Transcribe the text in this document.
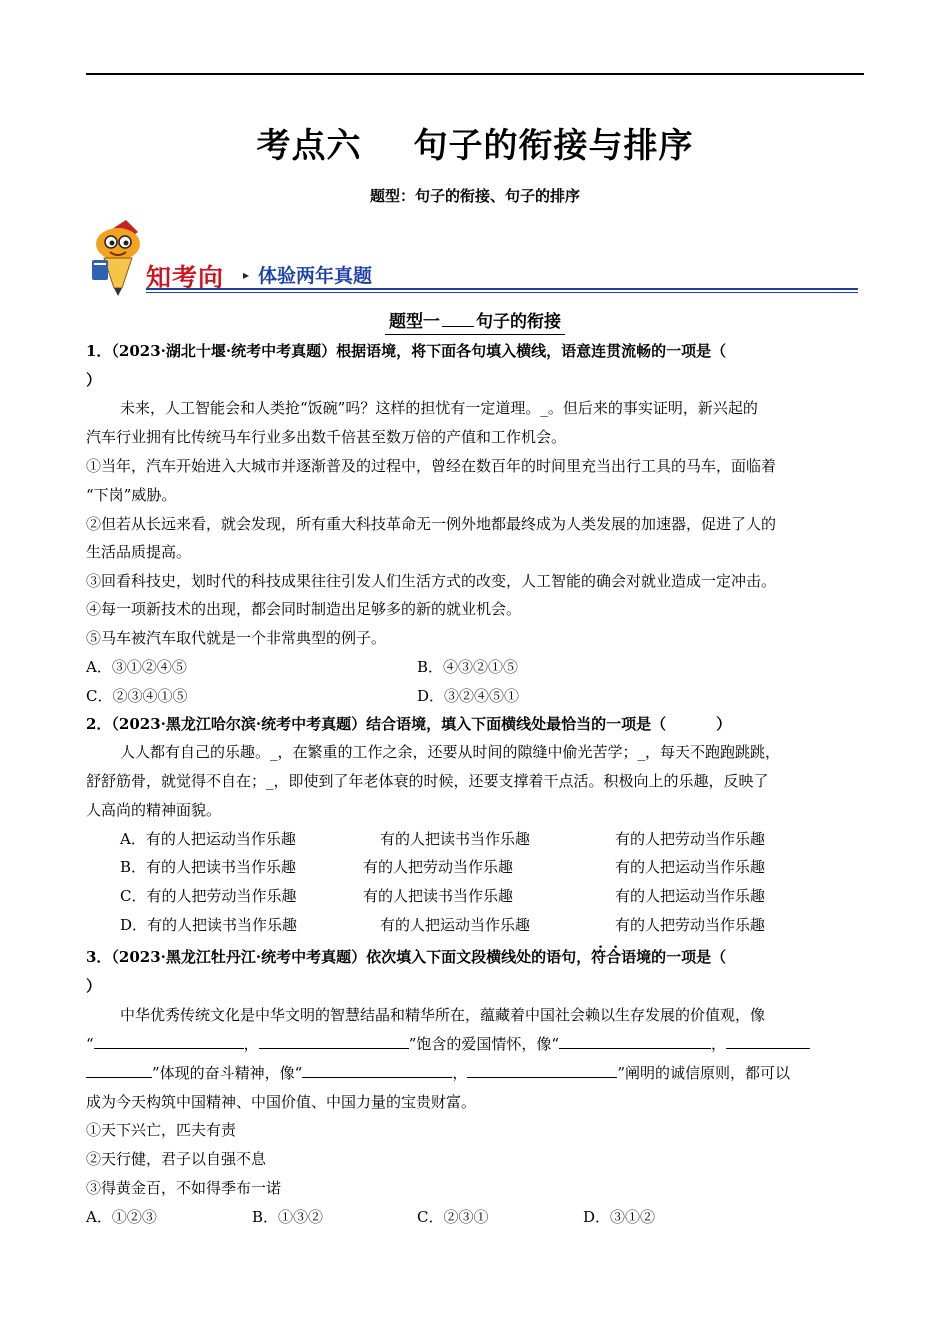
考点六 句子的衔接与排序
题型：句子的衔接、句子的排序
知考向 ▸ 体验两年真题
题型一 句子的衔接
1．（2023·湖北十堰·统考中考真题）根据语境，将下面各句填入横线，语意连贯流畅的一项是（
）
未来，人工智能会和人类抢“饭碗”吗？这样的担忧有一定道理。_。但后来的事实证明，新兴起的
汽车行业拥有比传统马车行业多出数千倍甚至数万倍的产值和工作机会。
①当年，汽车开始进入大城市并逐渐普及的过程中，曾经在数百年的时间里充当出行工具的马车，面临着
“下岗”威胁。
②但若从长远来看，就会发现，所有重大科技革命无一例外地都最终成为人类发展的加速器，促进了人的
生活品质提高。
③回看科技史，划时代的科技成果往往引发人们生活方式的改变，人工智能的确会对就业造成一定冲击。
④每一项新技术的出现，都会同时制造出足够多的新的就业机会。
⑤马车被汽车取代就是一个非常典型的例子。
A．③①②④⑤	B．④③②①⑤
C．②③④①⑤	D．③②④⑤①
2．（2023·黑龙江哈尔滨·统考中考真题）结合语境，填入下面横线处最恰当的一项是（	）
人人都有自己的乐趣。_，在繁重的工作之余，还要从时间的隙缝中偷光苦学；_，每天不跑跑跳跳，
舒舒筋骨，就觉得不自在；_，即使到了年老体衰的时候，还要支撑着干点活。积极向上的乐趣，反映了
人高尚的精神面貌。
A．有的人把运动当作乐趣	有的人把读书当作乐趣	有的人把劳动当作乐趣
B．有的人把读书当作乐趣	有的人把劳动当作乐趣	有的人把运动当作乐趣
C．有的人把劳动当作乐趣	有的人把读书当作乐趣	有的人把运动当作乐趣
D．有的人把读书当作乐趣	有的人把运动当作乐趣	有的人把劳动当作乐趣
3．（2023·黑龙江牡丹江·统考中考真题）依次填入下面文段横线处的语句，符合语境的一项是（
）
中华优秀传统文化是中华文明的智慧结晶和精华所在，蕴藏着中国社会赖以生存发展的价值观，像
“	，	”饱含的爱国情怀，像“	，
”体现的奋斗精神，像“	，	”阐明的诚信原则，都可以
成为今天构筑中国精神、中国价值、中国力量的宝贵财富。
①天下兴亡，匹夫有责
②天行健，君子以自强不息
③得黄金百，不如得季布一诺
A．①②③	B．①③②	C．②③①	D．③①②
